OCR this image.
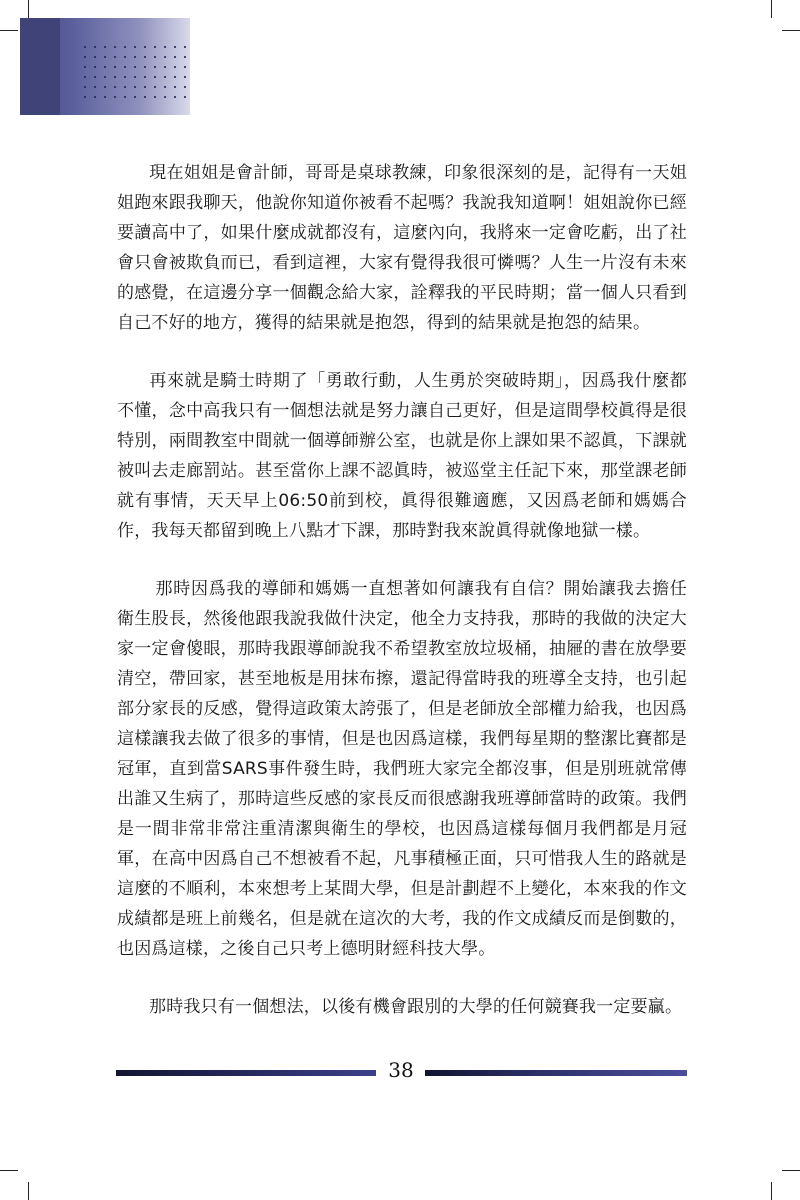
現在姐姐是會計師，哥哥是桌球教練，印象很深刻的是，記得有一天姐姐跑來跟我聊天，他說你知道你被看不起嗎？我說我知道啊！姐姐說你已經要讀高中了，如果什麼成就都沒有，這麼內向，我將來一定會吃虧，出了社會只會被欺負而已，看到這裡，大家有覺得我很可憐嗎？人生一片沒有未來的感覺，在這邊分享一個觀念給大家，詮釋我的平民時期；當一個人只看到自己不好的地方，獲得的結果就是抱怨，得到的結果就是抱怨的結果。

再來就是騎士時期了「勇敢行動，人生勇於突破時期」，因爲我什麼都不懂，念中高我只有一個想法就是努力讓自己更好，但是這間學校眞得是很特別，兩間教室中間就一個導師辦公室，也就是你上課如果不認眞，下課就被叫去走廊罰站。甚至當你上課不認眞時，被巡堂主任記下來，那堂課老師就有事情，天天早上06:50前到校，眞得很難適應，又因爲老師和媽媽合作，我每天都留到晚上八點才下課，那時對我來說眞得就像地獄一樣。

那時因爲我的導師和媽媽一直想著如何讓我有自信？開始讓我去擔任衛生股長，然後他跟我說我做什決定，他全力支持我，那時的我做的決定大家一定會傻眼，那時我跟導師說我不希望教室放垃圾桶，抽屜的書在放學要清空，帶回家，甚至地板是用抹布擦，還記得當時我的班導全支持，也引起部分家長的反感，覺得這政策太誇張了，但是老師放全部權力給我，也因爲這樣讓我去做了很多的事情，但是也因爲這樣，我們每星期的整潔比賽都是冠軍，直到當SARS事件發生時，我們班大家完全都沒事，但是別班就常傳出誰又生病了，那時這些反感的家長反而很感謝我班導師當時的政策。我們是一間非常非常注重清潔與衛生的學校，也因爲這樣每個月我們都是月冠軍，在高中因爲自己不想被看不起，凡事積極正面，只可惜我人生的路就是這麼的不順利，本來想考上某間大學，但是計劃趕不上變化，本來我的作文成績都是班上前幾名，但是就在這次的大考，我的作文成績反而是倒數的，也因爲這樣，之後自己只考上德明財經科技大學。

那時我只有一個想法，以後有機會跟別的大學的任何競賽我一定要贏。

38
